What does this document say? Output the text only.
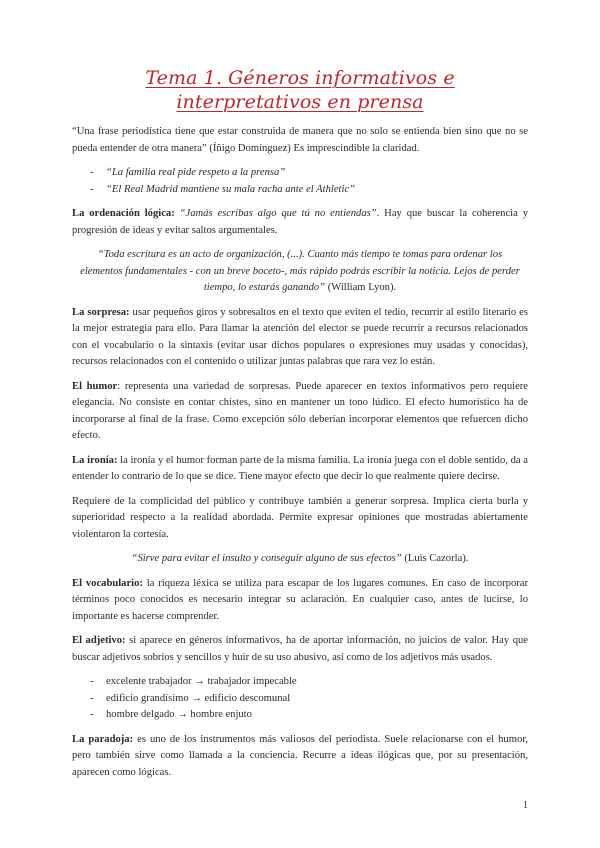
Tema 1. Géneros informativos e interpretativos en prensa

“Una frase periodística tiene que estar construida de manera que no solo se entienda bien sino que no se pueda entender de otra manera” (Íñigo Domínguez) Es imprescindible la claridad.

- “La familia real pide respeto a la prensa”
- “El Real Madrid mantiene su mala racha ante el Athletic”

La ordenación lógica: “Jamás escribas algo que tú no entiendas”. Hay que buscar la coherencia y progresión de ideas y evitar saltos argumentales.

“Toda escritura es un acto de organización, (...). Cuanto más tiempo te tomas para ordenar los elementos fundamentales - con un breve boceto-, más rápido podrás escribir la noticia. Lejos de perder tiempo, lo estarás ganando” (William Lyon).

La sorpresa: usar pequeños giros y sobresaltos en el texto que eviten el tedio, recurrir al estilo literario es la mejor estrategia para ello. Para llamar la atención del elector se puede recurrir a recursos relacionados con el vocabulario o la sintaxis (evitar usar dichos populares o expresiones muy usadas y conocidas), recursos relacionados con el contenido o utilizar juntas palabras que rara vez lo están.

El humor: representa una variedad de sorpresas. Puede aparecer en textos informativos pero requiere elegancia. No consiste en contar chistes, sino en mantener un tono lúdico. El efecto humorístico ha de incorporarse al final de la frase. Como excepción sólo deberían incorporar elementos que refuercen dicho efecto.

La ironía: la ironía y el humor forman parte de la misma familia. La ironía juega con el doble sentido, da a entender lo contrario de lo que se dice. Tiene mayor efecto que decir lo que realmente quiere decirse.

Requiere de la complicidad del público y contribuye también a generar sorpresa. Implica cierta burla y superioridad respecto a la realidad abordada. Permite expresar opiniones que mostradas abiertamente violentaron la cortesía.

“Sirve para evitar el insulto y conseguir alguno de sus efectos” (Luis Cazorla).

El vocabulario: la riqueza léxica se utiliza para escapar de los lugares comunes. En caso de incorporar términos poco conocidos es necesario integrar su aclaración. En cualquier caso, antes de lucirse, lo importante es hacerse comprender.

El adjetivo: si aparece en géneros informativos, ha de aportar información, no juicios de valor. Hay que buscar adjetivos sobrios y sencillos y huir de su uso abusivo, así como de los adjetivos más usados.

- excelente trabajador → trabajador impecable
- edificio grandísimo → edificio descomunal
- hombre delgado → hombre enjuto

La paradoja: es uno de los instrumentos más valiosos del periodista. Suele relacionarse con el humor, pero también sirve como llamada a la conciencia. Recurre a ideas ilógicas que, por su presentación, aparecen como lógicas.

1
